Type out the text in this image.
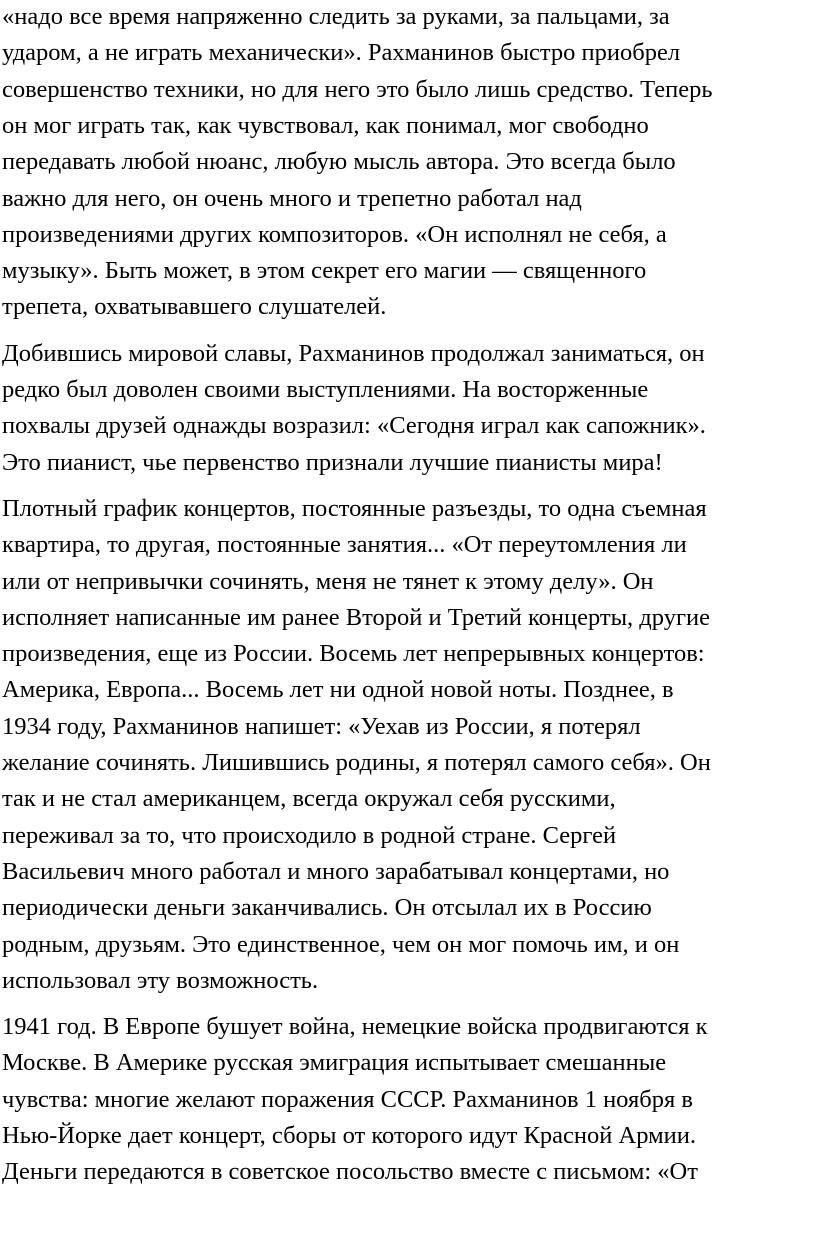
«надо все время напряженно следить за руками, за пальцами, за
ударом, а не играть механически». Рахманинов быстро приобрел
совершенство техники, но для него это было лишь средство. Теперь
он мог играть так, как чувствовал, как понимал, мог свободно
передавать любой нюанс, любую мысль автора. Это всегда было
важно для него, он очень много и трепетно работал над
произведениями других композиторов. «Он исполнял не себя, а
музыку». Быть может, в этом секрет его магии — священного
трепета, охватывавшего слушателей.
Добившись мировой славы, Рахманинов продолжал заниматься, он
редко был доволен своими выступлениями. На восторженные
похвалы друзей однажды возразил: «Сегодня играл как сапожник».
Это пианист, чье первенство признали лучшие пианисты мира!
Плотный график концертов, постоянные разъезды, то одна съемная
квартира, то другая, постоянные занятия... «От переутомления ли
или от непривычки сочинять, меня не тянет к этому делу». Он
исполняет написанные им ранее Второй и Третий концерты, другие
произведения, еще из России. Восемь лет непрерывных концертов:
Америка, Европа... Восемь лет ни одной новой ноты. Позднее, в
1934 году, Рахманинов напишет: «Уехав из России, я потерял
желание сочинять. Лишившись родины, я потерял самого себя». Он
так и не стал американцем, всегда окружал себя русскими,
переживал за то, что происходило в родной стране. Сергей
Васильевич много работал и много зарабатывал концертами, но
периодически деньги заканчивались. Он отсылал их в Россию
родным, друзьям. Это единственное, чем он мог помочь им, и он
использовал эту возможность.
1941 год. В Европе бушует война, немецкие войска продвигаются к
Москве. В Америке русская эмиграция испытывает смешанные
чувства: многие желают поражения СССР. Рахманинов 1 ноября в
Нью-Йорке дает концерт, сборы от которого идут Красной Армии.
Деньги передаются в советское посольство вместе с письмом: «От
